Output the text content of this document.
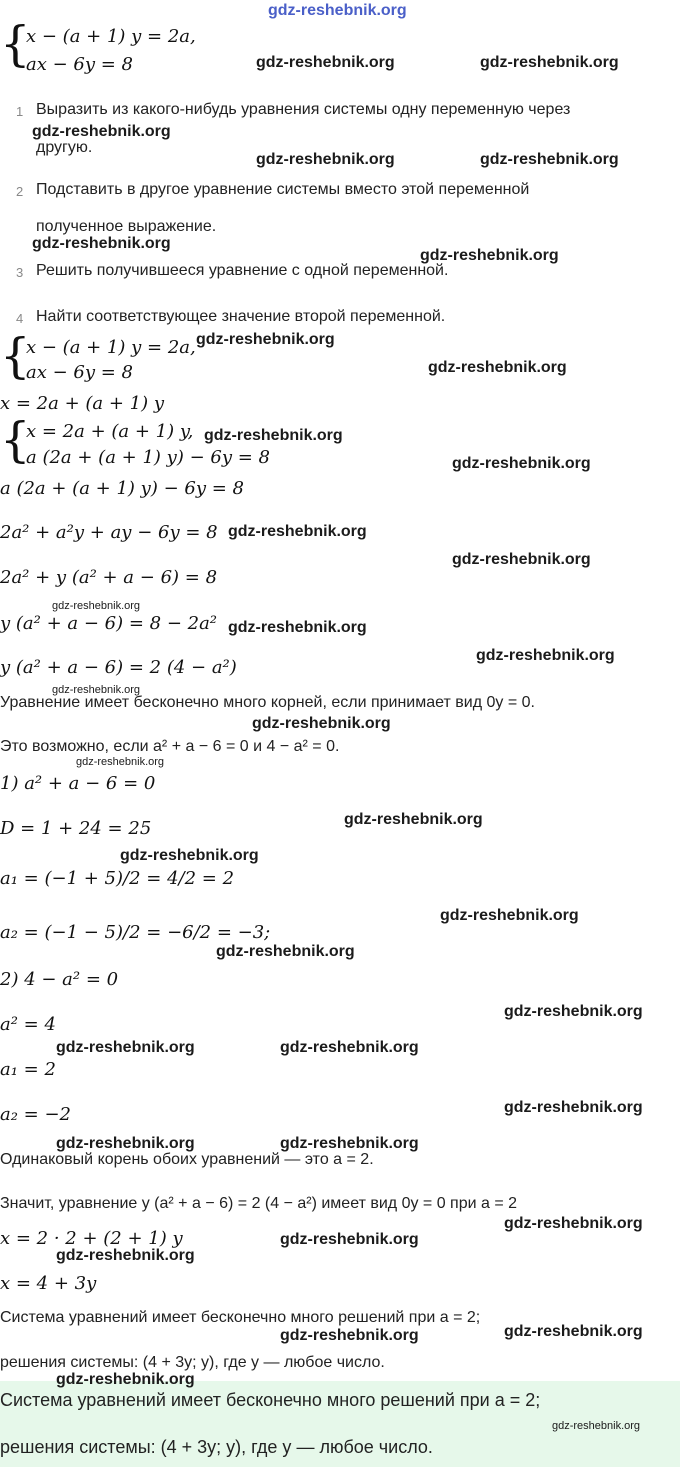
gdz-reshebnik.org
{
x − (a + 1) y = 2a,
ax − 6y = 8	gdz-reshebnik.org	gdz-reshebnik.org
1 Выразить из какого-нибудь уравнения системы одну переменную через
gdz-reshebnik.org
другую.
gdz-reshebnik.org	gdz-reshebnik.org
2 Подставить в другое уравнение системы вместо этой переменной
полученное выражение.
gdz-reshebnik.org
gdz-reshebnik.org
3 Решить получившееся уравнение с одной переменной.
4 Найти соответствующее значение второй переменной.
{
x − (a + 1) y = 2a, gdz-reshebnik.org
ax − 6y = 8	gdz-reshebnik.org
x = 2a + (a + 1) y
{
x = 2a + (a + 1) y, gdz-reshebnik.org
a (2a + (a + 1) y) − 6y = 8	gdz-reshebnik.org
a (2a + (a + 1) y) − 6y = 8
2a² + a²y + ay − 6y = 8 gdz-reshebnik.org
gdz-reshebnik.org
2a² + y (a² + a − 6) = 8
gdz-reshebnik.org
y (a² + a − 6) = 8 − 2a² gdz-reshebnik.org
y (a² + a − 6) = 2 (4 − a²)
gdz-reshebnik.org
gdz-reshebnik.org
Уравнение имеет бесконечно много корней, если принимает вид 0y = 0.
gdz-reshebnik.org
Это возможно, если a² + a − 6 = 0 и 4 − a² = 0.
gdz-reshebnik.org
1) a² + a − 6 = 0
D = 1 + 24 = 25	gdz-reshebnik.org
gdz-reshebnik.org
a₁ = (−1 + 5)/2 = 4/2 = 2
gdz-reshebnik.org
a₂ = (−1 − 5)/2 = −6/2 = −3;
gdz-reshebnik.org
2) 4 − a² = 0
gdz-reshebnik.org
a² = 4
gdz-reshebnik.org	gdz-reshebnik.org
a₁ = 2
gdz-reshebnik.org
a₂ = −2
gdz-reshebnik.org	gdz-reshebnik.org
Одинаковый корень обоих уравнений — это a = 2.
Значит, уравнение y (a² + a − 6) = 2 (4 − a²) имеет вид 0y = 0 при a = 2
gdz-reshebnik.org
x = 2 · 2 + (2 + 1) y
gdz-reshebnik.org
gdz-reshebnik.org
x = 4 + 3y
Система уравнений имеет бесконечно много решений при a = 2;
gdz-reshebnik.org	gdz-reshebnik.org
решения системы: (4 + 3y; y), где y — любое число.
gdz-reshebnik.org
Система уравнений имеет бесконечно много решений при a = 2;
gdz-reshebnik.org
решения системы: (4 + 3y; y), где y — любое число.
